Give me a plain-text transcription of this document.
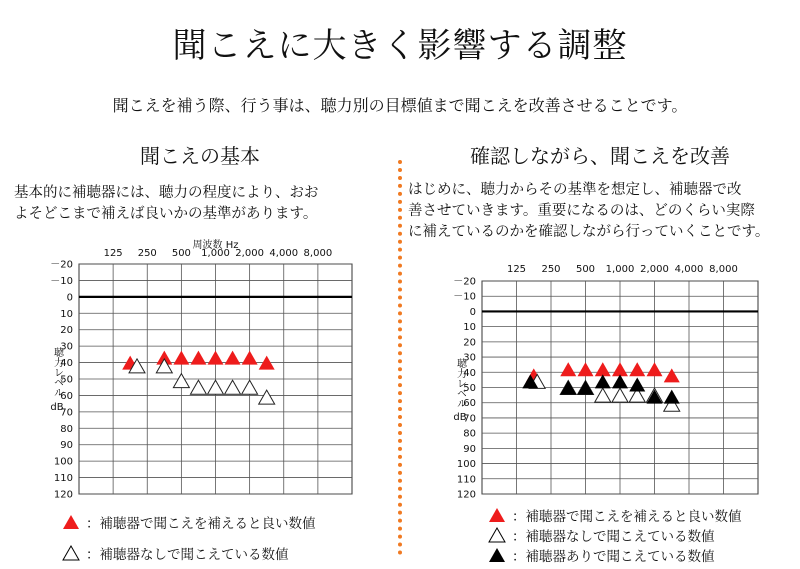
聞こえに大きく影響する調整
聞こえを補う際、行う事は、聴力別の目標値まで聞こえを改善させることです。
聞こえの基本
基本的に補聴器には、聴力の程度により、おお
よそどこまで補えば良いかの基準があります。
確認しながら、聞こえを改善
はじめに、聴力からその基準を想定し、補聴器で改
善させていきます。重要になるのは、どのくらい実際
に補えているのかを確認しながら行っていくことです。
－20
－10
0
10
20
30
40
50
60
70
80
90
100
110
120
125 250 500 1,000 2,000 4,000 8,000
周波数 Hz
聴力レベル
dB
－20
－10
0
10
20
30
40
50
60
70
80
90
100
110
120
125 250 500 1,000 2,000 4,000 8,000
聴力レベル
dB
：補聴器で聞こえを補えると良い数値
：補聴器なしで聞こえている数値
：補聴器で聞こえを補えると良い数値
：補聴器なしで聞こえている数値
：補聴器ありで聞こえている数値
